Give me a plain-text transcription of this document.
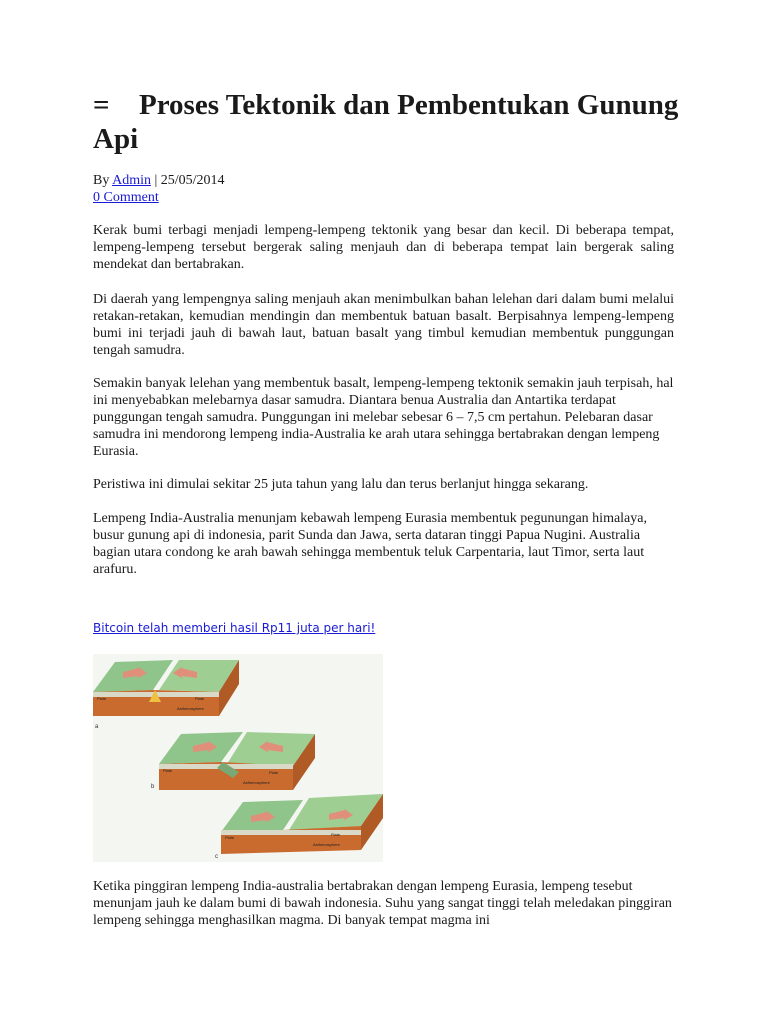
= Proses Tektonik dan Pembentukan Gunung Api
By Admin | 25/05/2014
0 Comment

Kerak bumi terbagi menjadi lempeng-lempeng tektonik yang besar dan kecil. Di beberapa tempat, lempeng-lempeng tersebut bergerak saling menjauh dan di beberapa tempat lain bergerak saling mendekat dan bertabrakan.

Di daerah yang lempengnya saling menjauh akan menimbulkan bahan lelehan dari dalam bumi melalui retakan-retakan, kemudian mendingin dan membentuk batuan basalt. Berpisahnya lempeng-lempeng bumi ini terjadi jauh di bawah laut, batuan basalt yang timbul kemudian membentuk punggungan tengah samudra.

Semakin banyak lelehan yang membentuk basalt, lempeng-lempeng tektonik semakin jauh terpisah, hal ini menyebabkan melebarnya dasar samudra. Diantara benua Australia dan Antartika terdapat punggungan tengah samudra. Punggungan ini melebar sebesar 6 – 7,5 cm pertahun. Pelebaran dasar samudra ini mendorong lempeng india-Australia ke arah utara sehingga bertabrakan dengan lempeng Eurasia.

Peristiwa ini dimulai sekitar 25 juta tahun yang lalu dan terus berlanjut hingga sekarang.

Lempeng India-Australia menunjam kebawah lempeng Eurasia membentuk pegunungan himalaya, busur gunung api di indonesia, parit Sunda dan Jawa, serta dataran tinggi Papua Nugini. Australia bagian utara condong ke arah bawah sehingga membentuk teluk Carpentaria, laut Timor, serta laut arafuru.

Bitcoin telah memberi hasil Rp11 juta per hari!
a
b
c
Plate	Plate
Asthenosphere
Plate	Plate
Asthenosphere
Plate
Plate
Asthenosphere

Ketika pinggiran lempeng India-australia bertabrakan dengan lempeng Eurasia, lempeng tesebut menunjam jauh ke dalam bumi di bawah indonesia. Suhu yang sangat tinggi telah meledakan pinggiran lempeng sehingga menghasilkan magma. Di banyak tempat magma ini
